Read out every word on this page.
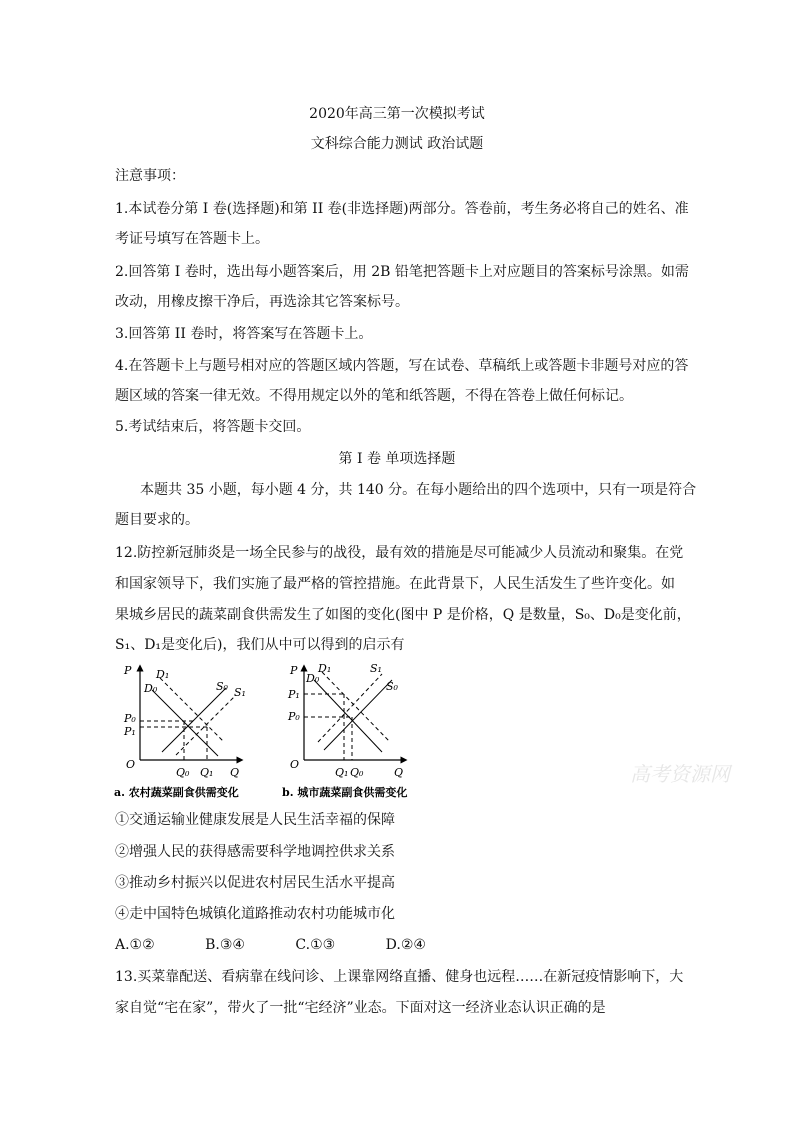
2020年高三第一次模拟考试
文科综合能力测试 政治试题
注意事项：
1.本试卷分第 I 卷(选择题)和第 II 卷(非选择题)两部分。答卷前，考生务必将自己的姓名、准
考证号填写在答题卡上。
2.回答第 I 卷时，选出每小题答案后，用 2B 铅笔把答题卡上对应题目的答案标号涂黑。如需
改动，用橡皮擦干净后，再选涂其它答案标号。
3.回答第 II 卷时，将答案写在答题卡上。
4.在答题卡上与题号相对应的答题区域内答题，写在试卷、草稿纸上或答题卡非题号对应的答
题区域的答案一律无效。不得用规定以外的笔和纸答题，不得在答卷上做任何标记。
5.考试结束后，将答题卡交回。
第 I 卷 单项选择题
本题共 35 小题，每小题 4 分，共 140 分。在每小题给出的四个选项中，只有一项是符合
题目要求的。
12.防控新冠肺炎是一场全民参与的战役，最有效的措施是尽可能减少人员流动和聚集。在党
和国家领导下，我们实施了最严格的管控措施。在此背景下，人民生活发生了些许变化。如
果城乡居民的蔬菜副食供需发生了如图的变化(图中 P 是价格，Q 是数量，S₀、D₀是变化前，
S₁、D₁是变化后)，我们从中可以得到的启示有
P D₁
D₀	S₀ S₁
P₀
P₁
O
Q₀ Q₁ Q
a. 农村蔬菜副食供需变化
P D₁
D₀
S₁
S₀
P₁
P₀
O
Q₁ Q₀	Q
b. 城市蔬菜副食供需变化
高考资源网
①交通运输业健康发展是人民生活幸福的保障
②增强人民的获得感需要科学地调控供求关系
③推动乡村振兴以促进农村居民生活水平提高
④走中国特色城镇化道路推动农村功能城市化
A.①②	B.③④	C.①③	D.②④
13.买菜靠配送、看病靠在线问诊、上课靠网络直播、健身也远程……在新冠疫情影响下，大
家自觉“宅在家”，带火了一批“宅经济”业态。下面对这一经济业态认识正确的是
